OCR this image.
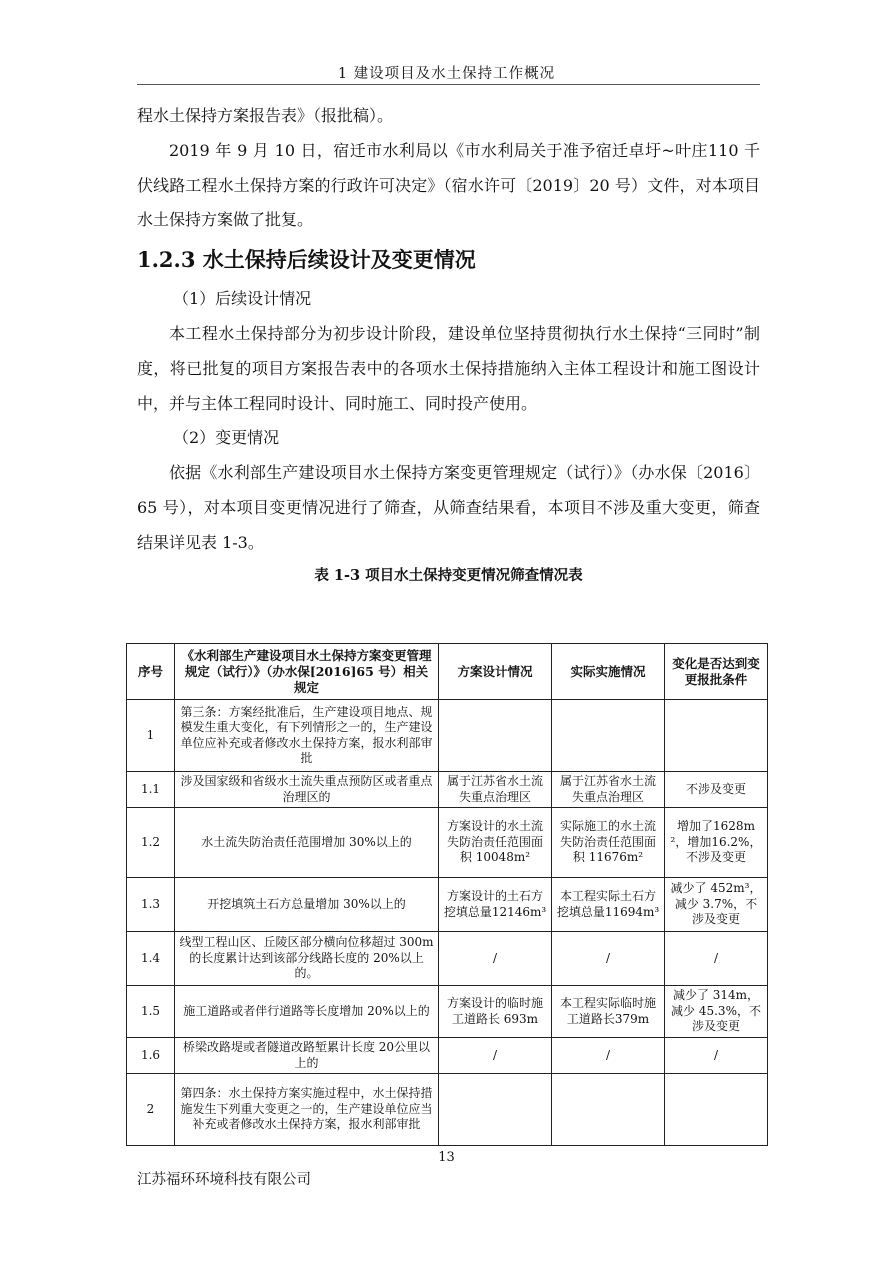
1 建设项目及水土保持工作概况

程水土保持方案报告表》（报批稿）。

2019 年 9 月 10 日，宿迁市水利局以《市水利局关于准予宿迁卓圩~叶庄110 千伏线路工程水土保持方案的行政许可决定》（宿水许可〔2019〕20 号）文件，对本项目水土保持方案做了批复。

1.2.3 水土保持后续设计及变更情况

（1）后续设计情况

本工程水土保持部分为初步设计阶段，建设单位坚持贯彻执行水土保持“三同时”制度，将已批复的项目方案报告表中的各项水土保持措施纳入主体工程设计和施工图设计中，并与主体工程同时设计、同时施工、同时投产使用。

（2）变更情况

依据《水利部生产建设项目水土保持方案变更管理规定（试行）》（办水保〔2016〕65 号），对本项目变更情况进行了筛查，从筛查结果看，本项目不涉及重大变更，筛查结果详见表 1-3。

表 1-3 项目水土保持变更情况筛查情况表

序号	《水利部生产建设项目水土保持方案变更管理规定（试行）》（办水保[2016]65 号）相关规定	方案设计情况	实际实施情况	变化是否达到变更报批条件
1	第三条：方案经批准后，生产建设项目地点、规模发生重大变化，有下列情形之一的，生产建设单位应补充或者修改水土保持方案，报水利部审批			
1.1	涉及国家级和省级水土流失重点预防区或者重点治理区的	属于江苏省水土流失重点治理区	属于江苏省水土流失重点治理区	不涉及变更
1.2	水土流失防治责任范围增加 30%以上的	方案设计的水土流失防治责任范围面积 10048m²	实际施工的水土流失防治责任范围面积 11676m²	增加了1628m²，增加16.2%，不涉及变更
1.3	开挖填筑土石方总量增加 30%以上的	方案设计的土石方挖填总量12146m³	本工程实际土石方挖填总量11694m³	减少了 452m³，减少 3.7%，不涉及变更
1.4	线型工程山区、丘陵区部分横向位移超过 300m 的长度累计达到该部分线路长度的 20%以上的。	/	/	/
1.5	施工道路或者伴行道路等长度增加 20%以上的	方案设计的临时施工道路长 693m	本工程实际临时施工道路长379m	减少了 314m，减少 45.3%，不涉及变更
1.6	桥梁改路堤或者隧道改路堑累计长度 20公里以上的	/	/	/
2	第四条：水土保持方案实施过程中，水土保持措施发生下列重大变更之一的，生产建设单位应当补充或者修改水土保持方案，报水利部审批			
13
江苏福环环境科技有限公司
